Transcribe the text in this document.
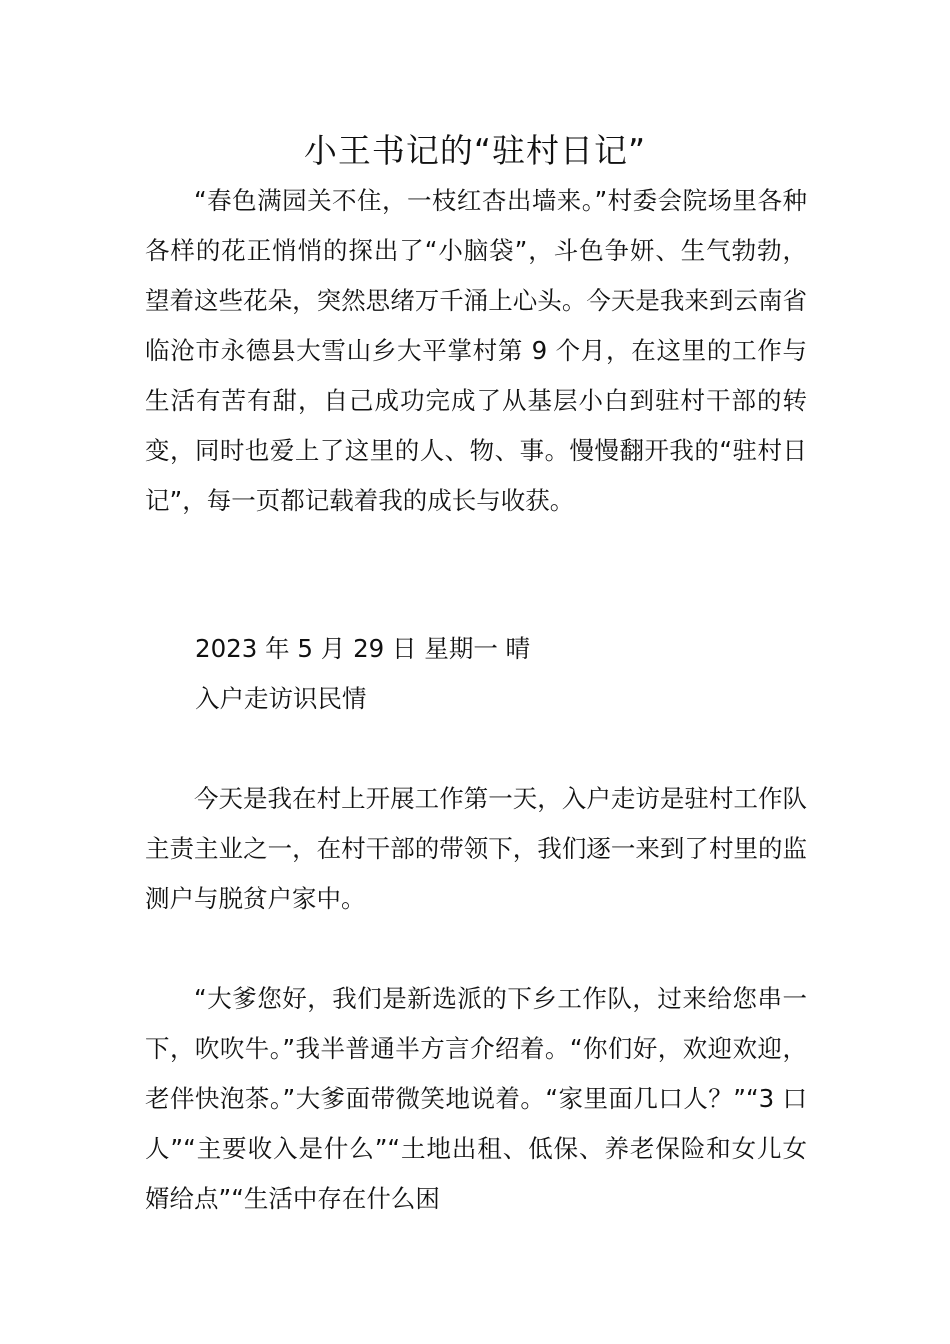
小王书记的“驻村日记”

“春色满园关不住，一枝红杏出墙来。”村委会院场里各种各样的花正悄悄的探出了“小脑袋”，斗色争妍、生气勃勃，望着这些花朵，突然思绪万千涌上心头。今天是我来到云南省临沧市永德县大雪山乡大平掌村第 9 个月，在这里的工作与生活有苦有甜，自己成功完成了从基层小白到驻村干部的转变，同时也爱上了这里的人、物、事。慢慢翻开我的“驻村日记”，每一页都记载着我的成长与收获。

2023 年 5 月 29 日 星期一 晴

入户走访识民情

今天是我在村上开展工作第一天，入户走访是驻村工作队主责主业之一，在村干部的带领下，我们逐一来到了村里的监测户与脱贫户家中。

“大爹您好，我们是新选派的下乡工作队，过来给您串一下，吹吹牛。”我半普通半方言介绍着。“你们好，欢迎欢迎，老伴快泡茶。”大爹面带微笑地说着。“家里面几口人？”“3 口人”“主要收入是什么”“土地出租、低保、养老保险和女儿女婿给点”“生活中存在什么困
